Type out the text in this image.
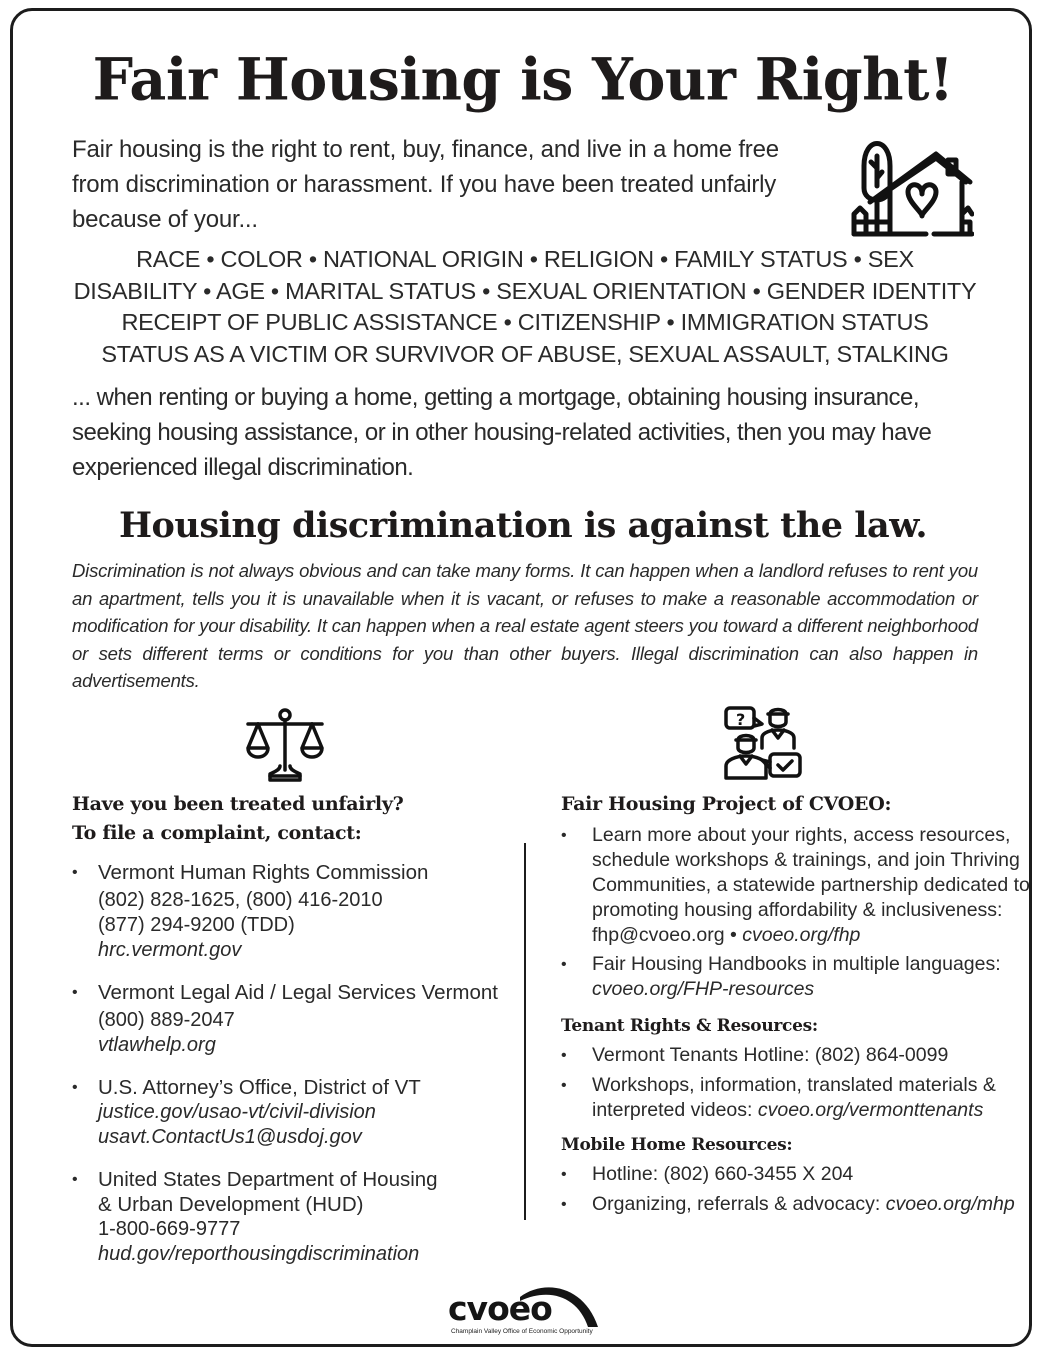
Fair Housing is Your Right!
Fair housing is the right to rent, buy, finance, and live in a home free from discrimination or harassment. If you have been treated unfairly because of your...
RACE • COLOR • NATIONAL ORIGIN • RELIGION • FAMILY STATUS • SEX
DISABILITY • AGE • MARITAL STATUS • SEXUAL ORIENTATION • GENDER IDENTITY
RECEIPT OF PUBLIC ASSISTANCE • CITIZENSHIP • IMMIGRATION STATUS
STATUS AS A VICTIM OR SURVIVOR OF ABUSE, SEXUAL ASSAULT, STALKING
... when renting or buying a home, getting a mortgage, obtaining housing insurance, seeking housing assistance, or in other housing-related activities, then you may have experienced illegal discrimination.
Housing discrimination is against the law.
Discrimination is not always obvious and can take many forms. It can happen when a landlord refuses to rent you an apartment, tells you it is unavailable when it is vacant, or refuses to make a reasonable accommodation or modification for your disability. It can happen when a real estate agent steers you toward a different neighborhood or sets different terms or conditions for you than other buyers. Illegal discrimination can also happen in advertisements.
?
Have you been treated unfairly?
To file a complaint, contact:
• Vermont Human Rights Commission
(802) 828-1625, (800) 416-2010
(877) 294-9200 (TDD)
hrc.vermont.gov
• Vermont Legal Aid / Legal Services Vermont
(800) 889-2047
vtlawhelp.org
• U.S. Attorney’s Office, District of VT
justice.gov/usao-vt/civil-division
usavt.ContactUs1@usdoj.gov
• United States Department of Housing
& Urban Development (HUD)
1-800-669-9777
hud.gov/reporthousingdiscrimination
Fair Housing Project of CVOEO:
• Learn more about your rights, access resources, schedule workshops & trainings, and join Thriving Communities, a statewide partnership dedicated to promoting housing affordability & inclusiveness:
fhp@cvoeo.org • cvoeo.org/fhp
• Fair Housing Handbooks in multiple languages: cvoeo.org/FHP-resources
Tenant Rights & Resources:
• Vermont Tenants Hotline: (802) 864-0099
• Workshops, information, translated materials & interpreted videos: cvoeo.org/vermonttenants
Mobile Home Resources:
• Hotline: (802) 660-3455 X 204
• Organizing, referrals & advocacy: cvoeo.org/mhp
cvoeo
Champlain Valley Office of Economic Opportunity
